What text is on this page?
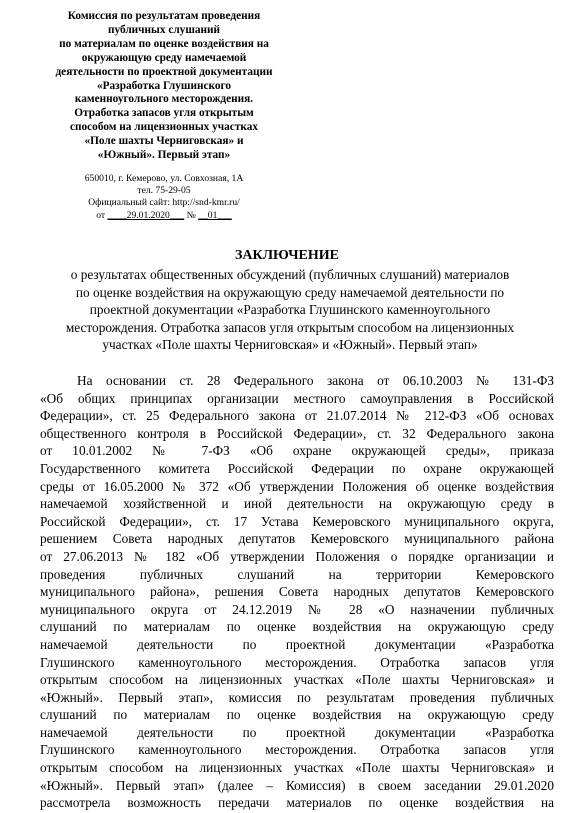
Комиссия по результатам проведения
публичных слушаний
по материалам по оценке воздействия на
окружающую среду намечаемой
деятельности по проектной документации
«Разработка Глушинского
каменноугольного месторождения.
Отработка запасов угля открытым
способом на лицензионных участках
«Поле шахты Черниговская» и
«Южный». Первый этап»
650010, г. Кемерово, ул. Совхозная, 1А
тел. 75-29-05
Официальный сайт: http://snd-kmr.ru/
от ____29.01.2020___ № __01___
ЗАКЛЮЧЕНИЕ
о результатах общественных обсуждений (публичных слушаний) материалов
по оценке воздействия на окружающую среду намечаемой деятельности по
проектной документации «Разработка Глушинского каменноугольного
месторождения. Отработка запасов угля открытым способом на лицензионных
участках «Поле шахты Черниговская» и «Южный». Первый этап»
На основании ст. 28 Федерального закона от 06.10.2003 № 131-ФЗ
«Об общих принципах организации местного самоуправления в Российской
Федерации», ст. 25 Федерального закона от 21.07.2014 № 212-ФЗ «Об основах
общественного контроля в Российской Федерации», ст. 32 Федерального закона
от 10.01.2002 № 7-ФЗ «Об охране окружающей среды», приказа
Государственного комитета Российской Федерации по охране окружающей
среды от 16.05.2000 № 372 «Об утверждении Положения об оценке воздействия
намечаемой хозяйственной и иной деятельности на окружающую среду в
Российской Федерации», ст. 17 Устава Кемеровского муниципального округа,
решением Совета народных депутатов Кемеровского муниципального района
от 27.06.2013 № 182 «Об утверждении Положения о порядке организации и
проведения публичных слушаний на территории Кемеровского
муниципального района», решения Совета народных депутатов Кемеровского
муниципального округа от 24.12.2019 № 28 «О назначении публичных
слушаний по материалам по оценке воздействия на окружающую среду
намечаемой деятельности по проектной документации «Разработка
Глушинского каменноугольного месторождения. Отработка запасов угля
открытым способом на лицензионных участках «Поле шахты Черниговская» и
«Южный». Первый этап», комиссия по результатам проведения публичных
слушаний по материалам по оценке воздействия на окружающую среду
намечаемой деятельности по проектной документации «Разработка
Глушинского каменноугольного месторождения. Отработка запасов угля
открытым способом на лицензионных участках «Поле шахты Черниговская» и
«Южный». Первый этап» (далее – Комиссия) в своем заседании 29.01.2020
рассмотрела возможность передачи материалов по оценке воздействия на
